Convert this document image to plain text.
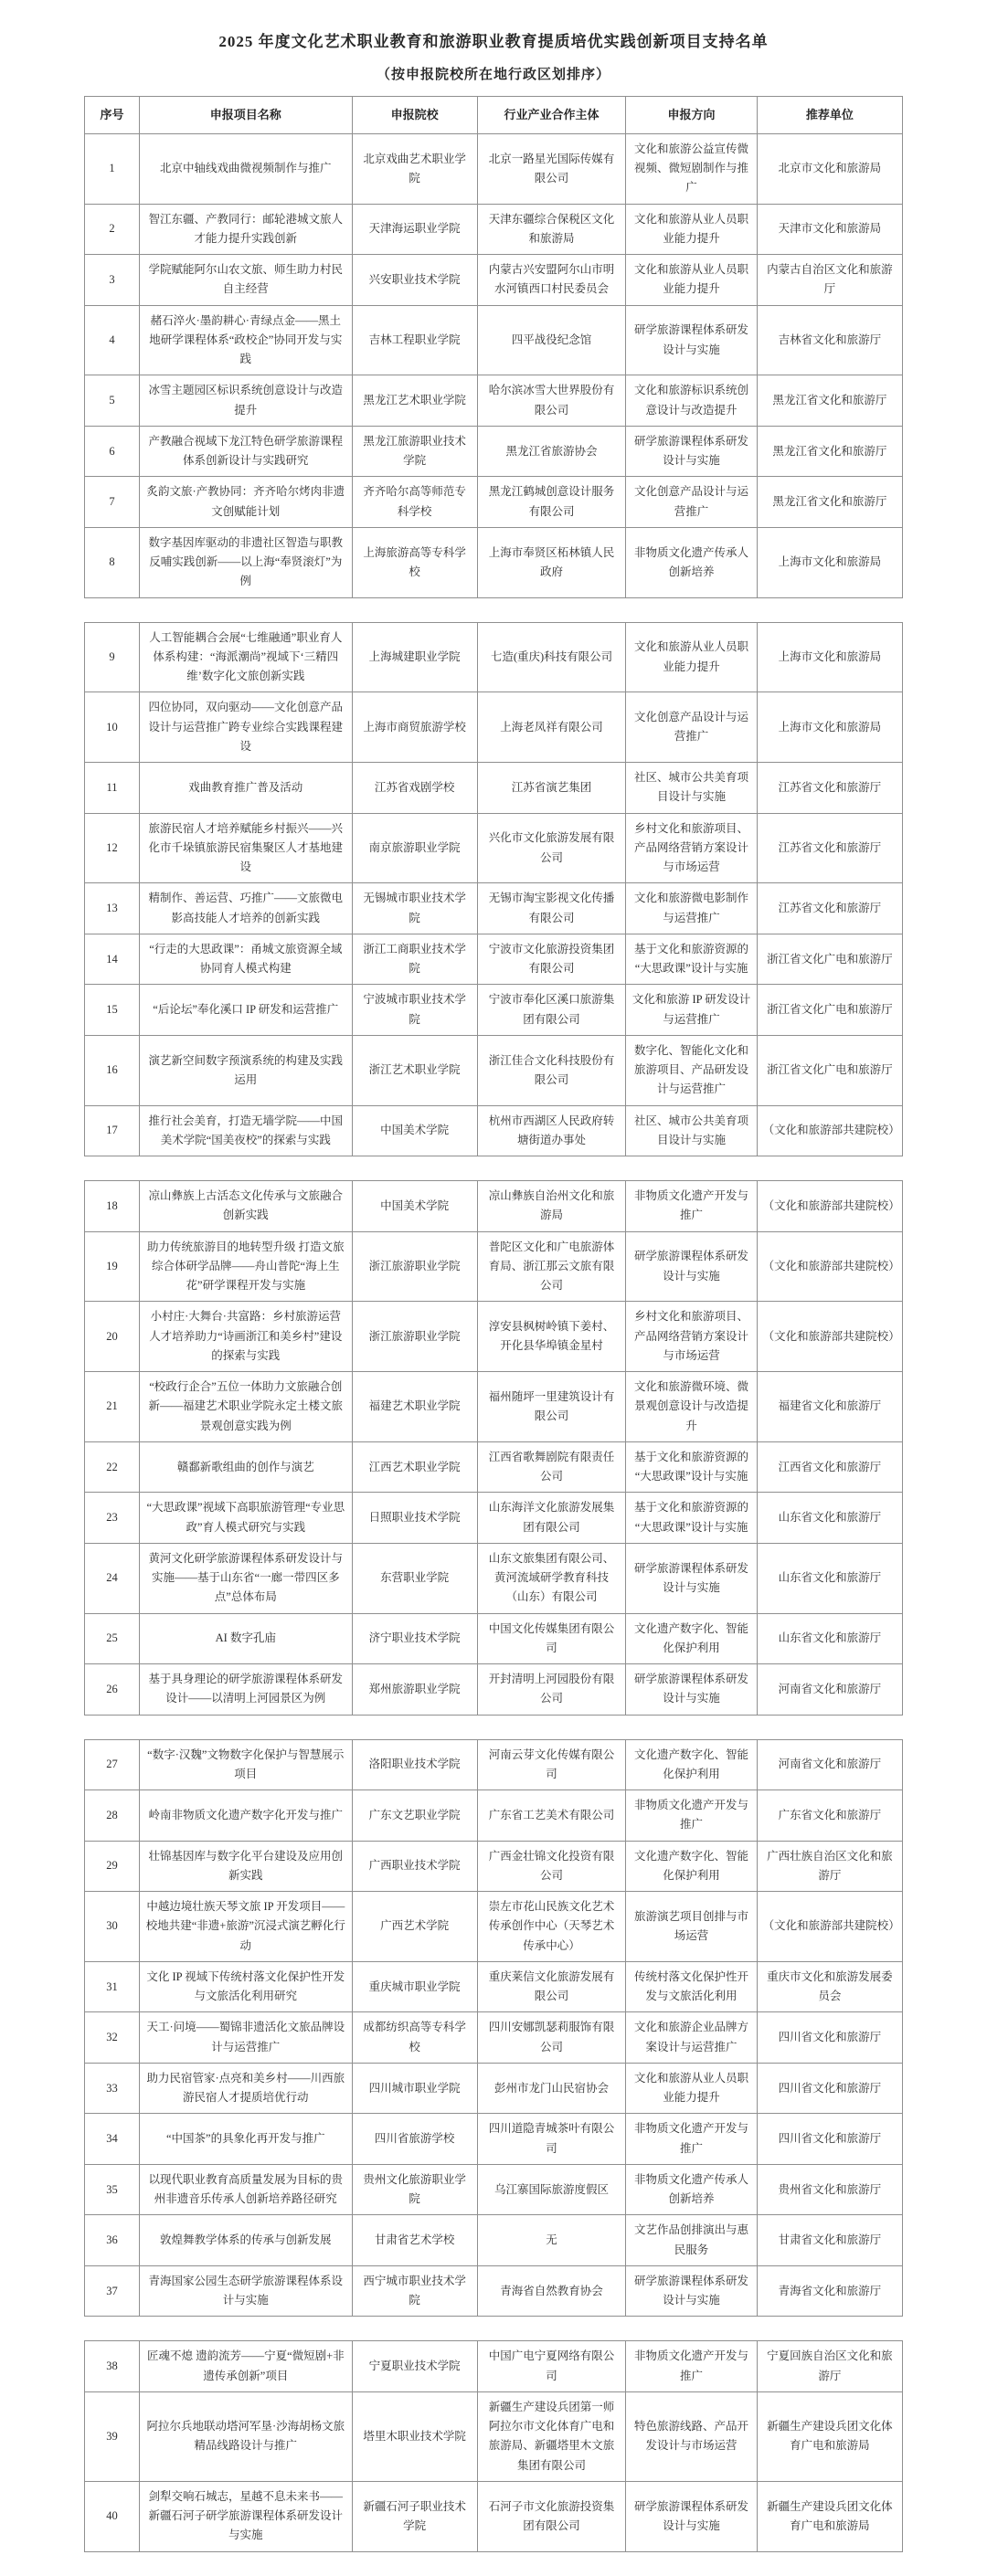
2025 年度文化艺术职业教育和旅游职业教育提质培优实践创新项目支持名单
（按申报院校所在地行政区划排序）
序号	申报项目名称	申报院校	行业产业合作主体	申报方向	推荐单位
1	北京中轴线戏曲微视频制作与推广	北京戏曲艺术职业学院	北京一路星光国际传媒有限公司	文化和旅游公益宣传微视频、微短剧制作与推广	北京市文化和旅游局
2	智江东疆、产教同行：邮轮港城文旅人才能力提升实践创新	天津海运职业学院	天津东疆综合保税区文化和旅游局	文化和旅游从业人员职业能力提升	天津市文化和旅游局
3	学院赋能阿尔山农文旅、师生助力村民自主经营	兴安职业技术学院	内蒙古兴安盟阿尔山市明水河镇西口村民委员会	文化和旅游从业人员职业能力提升	内蒙古自治区文化和旅游厅
4	赭石淬火·墨韵耕心·青绿点金——黑土地研学课程体系“政校企”协同开发与实践	吉林工程职业学院	四平战役纪念馆	研学旅游课程体系研发设计与实施	吉林省文化和旅游厅
5	冰雪主题园区标识系统创意设计与改造提升	黑龙江艺术职业学院	哈尔滨冰雪大世界股份有限公司	文化和旅游标识系统创意设计与改造提升	黑龙江省文化和旅游厅
6	产教融合视域下龙江特色研学旅游课程体系创新设计与实践研究	黑龙江旅游职业技术学院	黑龙江省旅游协会	研学旅游课程体系研发设计与实施	黑龙江省文化和旅游厅
7	炙韵文旅·产教协同：齐齐哈尔烤肉非遗文创赋能计划	齐齐哈尔高等师范专科学校	黑龙江鹤城创意设计服务有限公司	文化创意产品设计与运营推广	黑龙江省文化和旅游厅
8	数字基因库驱动的非遗社区智造与职教反哺实践创新——以上海“奉贤滚灯”为例	上海旅游高等专科学校	上海市奉贤区柘林镇人民政府	非物质文化遗产传承人创新培养	上海市文化和旅游局
9	人工智能耦合会展“七维融通”职业育人体系构建：“海派潮尚”视域下‘三精四维’数字化文旅创新实践	上海城建职业学院	七造(重庆)科技有限公司	文化和旅游从业人员职业能力提升	上海市文化和旅游局
10	四位协同，双向驱动——文化创意产品设计与运营推广跨专业综合实践课程建设	上海市商贸旅游学校	上海老凤祥有限公司	文化创意产品设计与运营推广	上海市文化和旅游局
11	戏曲教育推广普及活动	江苏省戏剧学校	江苏省演艺集团	社区、城市公共美育项目设计与实施	江苏省文化和旅游厅
12	旅游民宿人才培养赋能乡村振兴——兴化市千垛镇旅游民宿集聚区人才基地建设	南京旅游职业学院	兴化市文化旅游发展有限公司	乡村文化和旅游项目、产品网络营销方案设计与市场运营	江苏省文化和旅游厅
13	精制作、善运营、巧推广——文旅微电影高技能人才培养的创新实践	无锡城市职业技术学院	无锡市淘宝影视文化传播有限公司	文化和旅游微电影制作与运营推广	江苏省文化和旅游厅
14	“行走的大思政课”：甬城文旅资源全域协同育人模式构建	浙江工商职业技术学院	宁波市文化旅游投资集团有限公司	基于文化和旅游资源的“大思政课”设计与实施	浙江省文化广电和旅游厅
15	“后论坛”奉化溪口 IP 研发和运营推广	宁波城市职业技术学院	宁波市奉化区溪口旅游集团有限公司	文化和旅游 IP 研发设计与运营推广	浙江省文化广电和旅游厅
16	演艺新空间数字预演系统的构建及实践运用	浙江艺术职业学院	浙江佳合文化科技股份有限公司	数字化、智能化文化和旅游项目、产品研发设计与运营推广	浙江省文化广电和旅游厅
17	推行社会美育，打造无墙学院——中国美术学院“国美夜校”的探索与实践	中国美术学院	杭州市西湖区人民政府转塘街道办事处	社区、城市公共美育项目设计与实施	（文化和旅游部共建院校）
18	凉山彝族上古活态文化传承与文旅融合创新实践	中国美术学院	凉山彝族自治州文化和旅游局	非物质文化遗产开发与推广	（文化和旅游部共建院校）
19	助力传统旅游目的地转型升级 打造文旅综合体研学品牌——舟山普陀“海上生花”研学课程开发与实施	浙江旅游职业学院	普陀区文化和广电旅游体育局、浙江那云文旅有限公司	研学旅游课程体系研发设计与实施	（文化和旅游部共建院校）
20	小村庄·大舞台·共富路：乡村旅游运营人才培养助力“诗画浙江和美乡村”建设的探索与实践	浙江旅游职业学院	淳安县枫树岭镇下姜村、开化县华埠镇金星村	乡村文化和旅游项目、产品网络营销方案设计与市场运营	（文化和旅游部共建院校）
21	“校政行企合”五位一体助力文旅融合创新——福建艺术职业学院永定土楼文旅景观创意实践为例	福建艺术职业学院	福州随坪一里建筑设计有限公司	文化和旅游微环境、微景观创意设计与改造提升	福建省文化和旅游厅
22	赣鄱新歌组曲的创作与演艺	江西艺术职业学院	江西省歌舞剧院有限责任公司	基于文化和旅游资源的“大思政课”设计与实施	江西省文化和旅游厅
23	“大思政课”视域下高职旅游管理“专业思政”育人模式研究与实践	日照职业技术学院	山东海洋文化旅游发展集团有限公司	基于文化和旅游资源的“大思政课”设计与实施	山东省文化和旅游厅
24	黄河文化研学旅游课程体系研发设计与实施——基于山东省“一廊一带四区多点”总体布局	东营职业学院	山东文旅集团有限公司、黄河流域研学教育科技（山东）有限公司	研学旅游课程体系研发设计与实施	山东省文化和旅游厅
25	AI 数字孔庙	济宁职业技术学院	中国文化传媒集团有限公司	文化遗产数字化、智能化保护利用	山东省文化和旅游厅
26	基于具身理论的研学旅游课程体系研发设计——以清明上河园景区为例	郑州旅游职业学院	开封清明上河园股份有限公司	研学旅游课程体系研发设计与实施	河南省文化和旅游厅
27	“数字·汉魏”文物数字化保护与智慧展示项目	洛阳职业技术学院	河南云芽文化传媒有限公司	文化遗产数字化、智能化保护利用	河南省文化和旅游厅
28	岭南非物质文化遗产数字化开发与推广	广东文艺职业学院	广东省工艺美术有限公司	非物质文化遗产开发与推广	广东省文化和旅游厅
29	壮锦基因库与数字化平台建设及应用创新实践	广西职业技术学院	广西金壮锦文化投资有限公司	文化遗产数字化、智能化保护利用	广西壮族自治区文化和旅游厅
30	中越边境壮族天琴文旅 IP 开发项目——校地共建“非遗+旅游”沉浸式演艺孵化行动	广西艺术学院	崇左市花山民族文化艺术传承创作中心（天琴艺术传承中心）	旅游演艺项目创排与市场运营	（文化和旅游部共建院校）
31	文化 IP 视域下传统村落文化保护性开发与文旅活化利用研究	重庆城市职业学院	重庆莱信文化旅游发展有限公司	传统村落文化保护性开发与文旅活化利用	重庆市文化和旅游发展委员会
32	天工·问境——蜀锦非遗活化文旅品牌设计与运营推广	成都纺织高等专科学校	四川安娜凯瑟莉服饰有限公司	文化和旅游企业品牌方案设计与运营推广	四川省文化和旅游厅
33	助力民宿管家·点亮和美乡村——川西旅游民宿人才提质培优行动	四川城市职业学院	彭州市龙门山民宿协会	文化和旅游从业人员职业能力提升	四川省文化和旅游厅
34	“中国茶”的具象化再开发与推广	四川省旅游学校	四川道隐青城茶叶有限公司	非物质文化遗产开发与推广	四川省文化和旅游厅
35	以现代职业教育高质量发展为目标的贵州非遗音乐传承人创新培养路径研究	贵州文化旅游职业学院	乌江寨国际旅游度假区	非物质文化遗产传承人创新培养	贵州省文化和旅游厅
36	敦煌舞教学体系的传承与创新发展	甘肃省艺术学校	无	文艺作品创排演出与惠民服务	甘肃省文化和旅游厅
37	青海国家公园生态研学旅游课程体系设计与实施	西宁城市职业技术学院	青海省自然教育协会	研学旅游课程体系研发设计与实施	青海省文化和旅游厅
38	匠魂不熄 遗韵流芳——宁夏“微短剧+非遗传承创新”项目	宁夏职业技术学院	中国广电宁夏网络有限公司	非物质文化遗产开发与推广	宁夏回族自治区文化和旅游厅
39	阿拉尔兵地联动塔河军垦·沙海胡杨文旅精品线路设计与推广	塔里木职业技术学院	新疆生产建设兵团第一师阿拉尔市文化体育广电和旅游局、新疆塔里木文旅集团有限公司	特色旅游线路、产品开发设计与市场运营	新疆生产建设兵团文化体育广电和旅游局
40	剑犁交响石城志，星越不息未来书——新疆石河子研学旅游课程体系研发设计与实施	新疆石河子职业技术学院	石河子市文化旅游投资集团有限公司	研学旅游课程体系研发设计与实施	新疆生产建设兵团文化体育广电和旅游局
